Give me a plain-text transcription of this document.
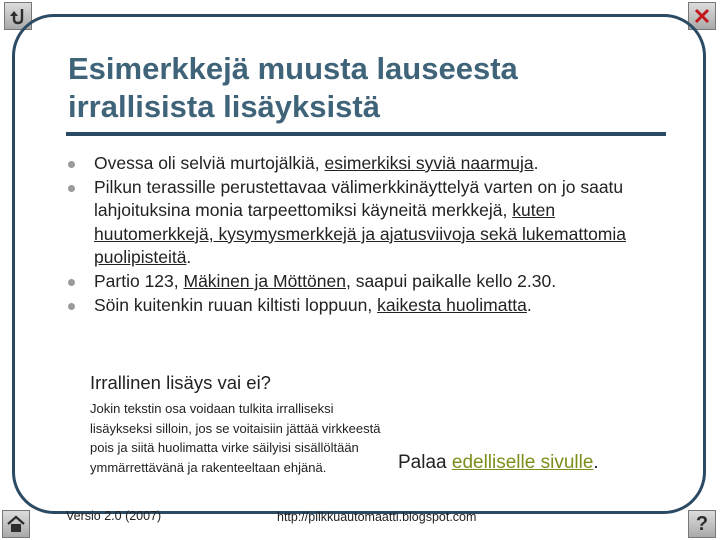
Esimerkkejä muusta lauseesta
irrallisista lisäyksistä
Ovessa oli selviä murtojälkiä, esimerkiksi syviä naarmuja.
Pilkun terassille perustettavaa välimerkkinäyttelyä varten on jo saatu lahjoituksina monia tarpeettomiksi käyneitä merkkejä, kuten huutomerkkejä, kysymysmerkkejä ja ajatusviivoja sekä lukemattomia puolipisteitä.
Partio 123, Mäkinen ja Möttönen, saapui paikalle kello 2.30.
Söin kuitenkin ruuan kiltisti loppuun, kaikesta huolimatta.
Irrallinen lisäys vai ei?
Jokin tekstin osa voidaan tulkita irralliseksi lisäykseksi silloin, jos se voitaisiin jättää virkkeestä pois ja siitä huolimatta virke säilyisi sisällöltään ymmärrettävänä ja rakenteeltaan ehjänä.	Palaa edelliselle sivulle.
Versio 2.0 (2007)	http://pilkkuautomaatti.blogspot.com	?
